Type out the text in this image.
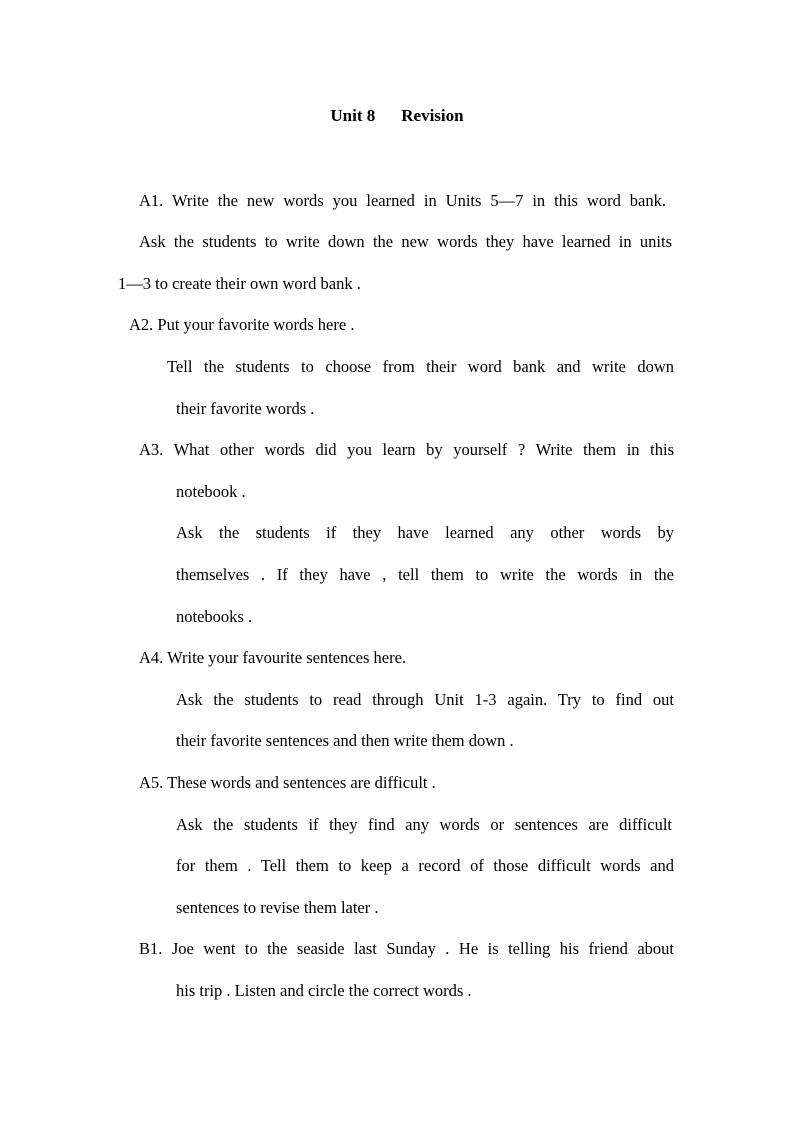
Unit 8 Revision
A1. Write the new words you learned in Units 5—7 in this word bank.
Ask the students to write down the new words they have learned in units
1—3 to create their own word bank .
A2. Put your favorite words here .
Tell the students to choose from their word bank and write down
their favorite words .
A3. What other words did you learn by yourself ? Write them in this
notebook .
Ask the students if they have learned any other words by
themselves . If they have , tell them to write the words in the
notebooks .
A4. Write your favourite sentences here.
Ask the students to read through Unit 1-3 again. Try to find out
their favorite sentences and then write them down .
A5. These words and sentences are difficult .
Ask the students if they find any words or sentences are difficult
for them . Tell them to keep a record of those difficult words and
sentences to revise them later .
B1. Joe went to the seaside last Sunday . He is telling his friend about
his trip . Listen and circle the correct words .
